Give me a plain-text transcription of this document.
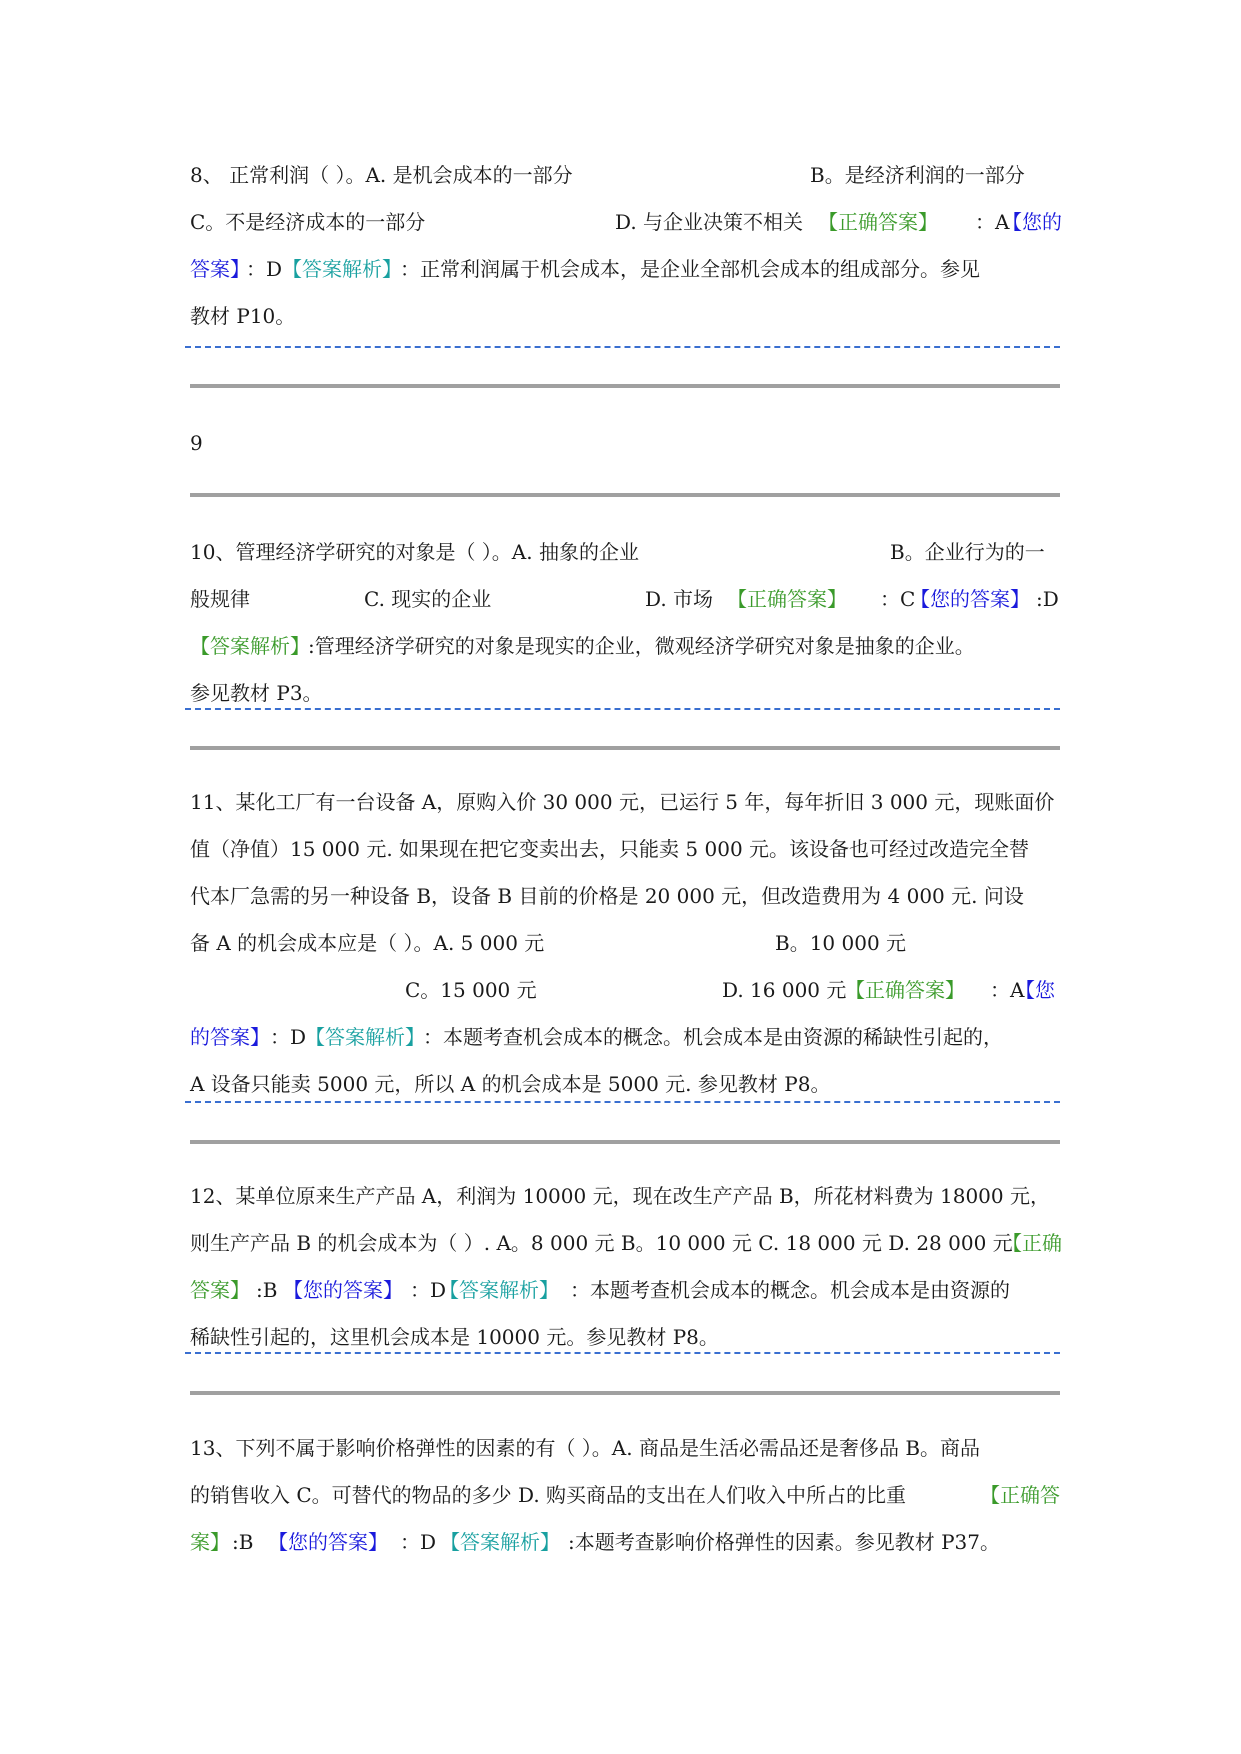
8、 正常利润（ ）。A. 是机会成本的一部分	B。是经济利润的一部分
C。不是经济成本的一部分	D. 与企业决策不相关 【正确答案】 ：A
【您的
答案】
：D 【答案解析】
：正常利润属于机会成本，是企业全部机会成本的组成部分。参见
教材 P10。
9
10、管理经济学研究的对象是（ ）。A. 抽象的企业	B。企业行为的一
般规律	C. 现实的企业	D. 市场 【正确答案】 ：C
【您的答案】 :D
【答案解析】
:管理经济学研究的对象是现实的企业，微观经济学研究对象是抽象的企业。
参见教材 P3。
11、某化工厂有一台设备 A，原购入价 30 000 元，已运行 5 年，每年折旧 3 000 元，现账面价
值（净值）15 000 元. 如果现在把它变卖出去，只能卖 5 000 元。该设备也可经过改造完全替
代本厂急需的另一种设备 B，设备 B 目前的价格是 20 000 元，但改造费用为 4 000 元. 问设
备 A 的机会成本应是（ ）。A. 5 000 元	B。10 000 元
C。15 000 元	D. 16 000 元
【正确答案】 ：A
【您
的答案】 ：D
【答案解析】
：本题考查机会成本的概念。机会成本是由资源的稀缺性引起的，
A 设备只能卖 5000 元，所以 A 的机会成本是 5000 元. 参见教材 P8。
12、某单位原来生产产品 A，利润为 10000 元，现在改生产产品 B，所花材料费为 18000 元，
则生产产品 B 的机会成本为（ ）. A。8 000 元 B。10 000 元 C. 18 000 元 D. 28 000 元
【正确
答案】 :B 【您的答案】 ：D
【答案解析】 ：本题考查机会成本的概念。机会成本是由资源的
稀缺性引起的，这里机会成本是 10000 元。参见教材 P8。
13、下列不属于影响价格弹性的因素的有（ ）。A. 商品是生活必需品还是奢侈品 B。商品
的销售收入 C。可替代的物品的多少 D. 购买商品的支出在人们收入中所占的比重	【正确答
案】 :B 【您的答案】 ：D 【答案解析】 :本题考查影响价格弹性的因素。参见教材 P37。
